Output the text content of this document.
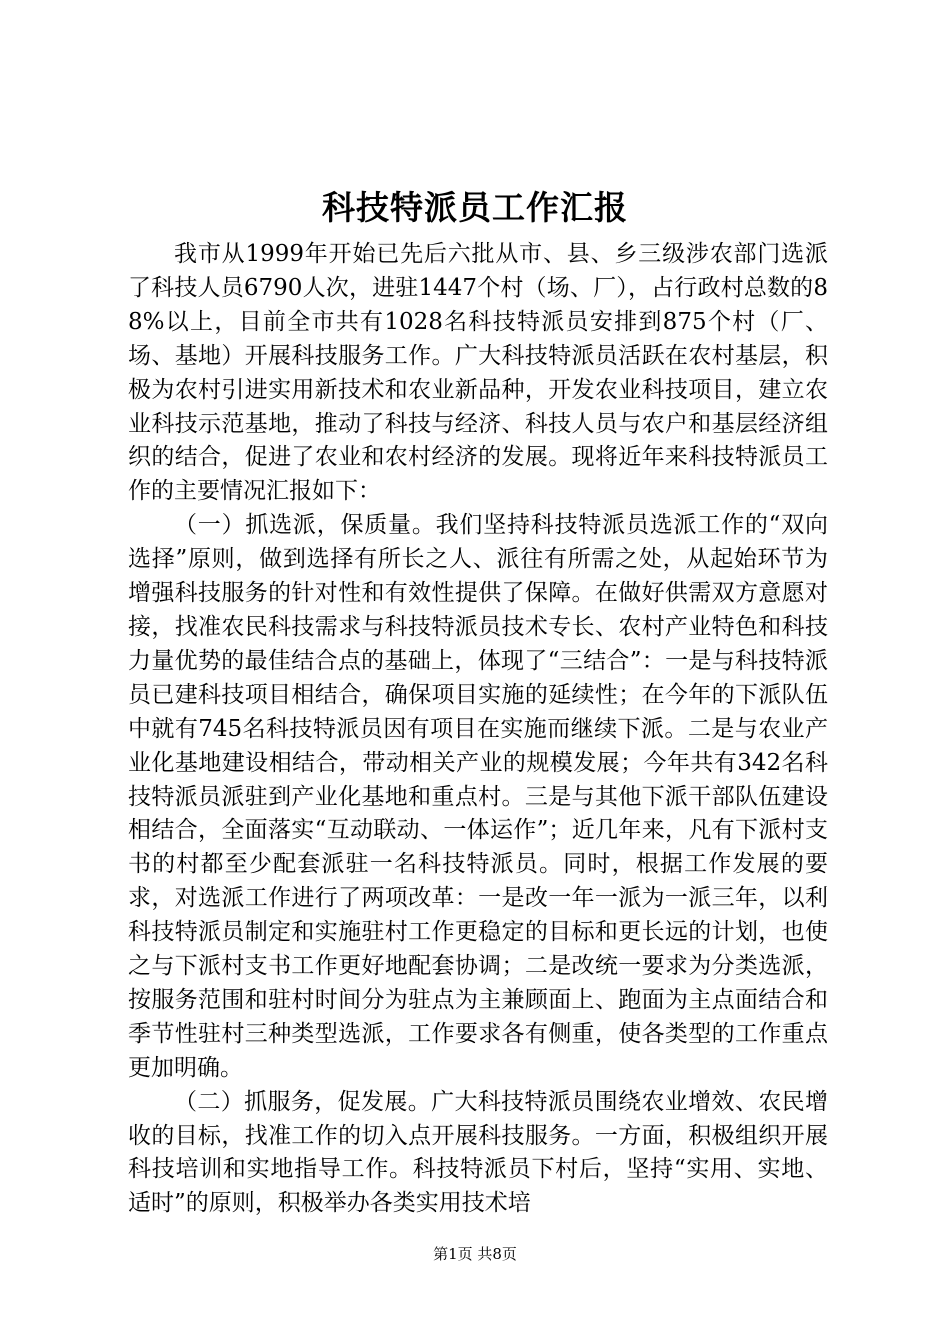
科技特派员工作汇报

我市从1999年开始已先后六批从市、县、乡三级涉农部门选派了科技人员6790人次，进驻1447个村（场、厂），占行政村总数的88%以上，目前全市共有1028名科技特派员安排到875个村（厂、场、基地）开展科技服务工作。广大科技特派员活跃在农村基层，积极为农村引进实用新技术和农业新品种，开发农业科技项目，建立农业科技示范基地，推动了科技与经济、科技人员与农户和基层经济组织的结合，促进了农业和农村经济的发展。现将近年来科技特派员工作的主要情况汇报如下：

（一）抓选派，保质量。我们坚持科技特派员选派工作的“双向选择”原则，做到选择有所长之人、派往有所需之处，从起始环节为增强科技服务的针对性和有效性提供了保障。在做好供需双方意愿对接，找准农民科技需求与科技特派员技术专长、农村产业特色和科技力量优势的最佳结合点的基础上，体现了“三结合”：一是与科技特派员已建科技项目相结合，确保项目实施的延续性；在今年的下派队伍中就有745名科技特派员因有项目在实施而继续下派。二是与农业产业化基地建设相结合，带动相关产业的规模发展；今年共有342名科技特派员派驻到产业化基地和重点村。三是与其他下派干部队伍建设相结合，全面落实“互动联动、一体运作”；近几年来，凡有下派村支书的村都至少配套派驻一名科技特派员。同时，根据工作发展的要求，对选派工作进行了两项改革：一是改一年一派为一派三年，以利科技特派员制定和实施驻村工作更稳定的目标和更长远的计划，也使之与下派村支书工作更好地配套协调；二是改统一要求为分类选派，按服务范围和驻村时间分为驻点为主兼顾面上、跑面为主点面结合和季节性驻村三种类型选派，工作要求各有侧重，使各类型的工作重点更加明确。

（二）抓服务，促发展。广大科技特派员围绕农业增效、农民增收的目标，找准工作的切入点开展科技服务。一方面，积极组织开展科技培训和实地指导工作。科技特派员下村后，坚持“实用、实地、适时”的原则，积极举办各类实用技术培

第1页 共8页
